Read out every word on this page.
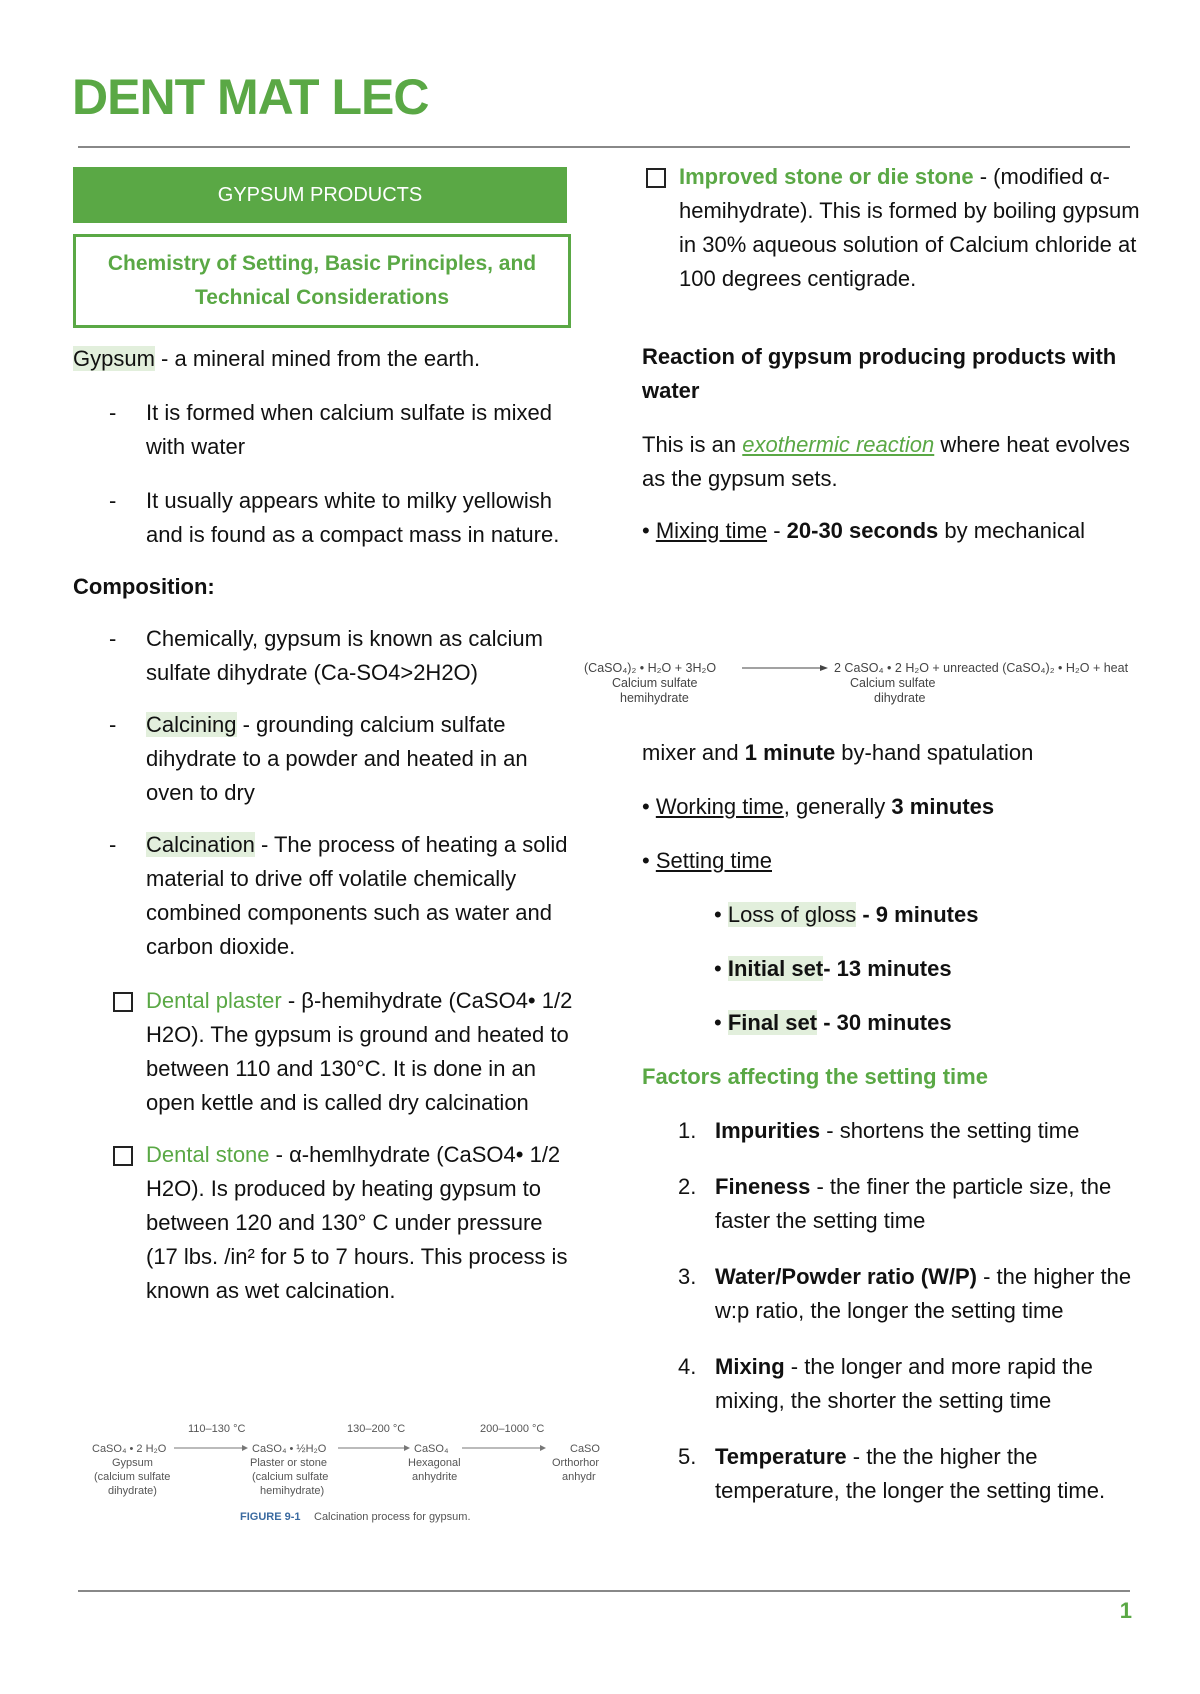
DENT MAT LEC
GYPSUM PRODUCTS
Chemistry of Setting, Basic Principles, and
Technical Considerations

Gypsum - a mineral mined from the earth.

- It is formed when calcium sulfate is mixed with water

- It usually appears white to milky yellowish and is found as a compact mass in nature.

Composition:

- Chemically, gypsum is known as calcium sulfate dihydrate (Ca-SO4>2H2O)

- Calcining - grounding calcium sulfate dihydrate to a powder and heated in an oven to dry

- Calcination - The process of heating a solid material to drive off volatile chemically combined components such as water and carbon dioxide.

Dental plaster - β-hemihydrate (CaSO4• 1/2 H2O). The gypsum is ground and heated to between 110 and 130°C. It is done in an open kettle and is called dry calcination

Dental stone - α-hemlhydrate (CaSO4• 1/2 H2O). Is produced by heating gypsum to between 120 and 130° C under pressure (17 lbs. /in² for 5 to 7 hours. This process is known as wet calcination.

110–130 °C	130–200 °C	200–1000 °C
CaSO₄ • 2 H₂O
Gypsum
(calcium sulfate
dihydrate)
CaSO₄ • ½H₂O
Plaster or stone
(calcium sulfate
hemihydrate)
CaSO₄
Hexagonal
anhydrite
CaSO
Orthorhor
anhydr
FIGURE 9-1 Calcination process for gypsum.

Improved stone or die stone - (modified α-hemihydrate). This is formed by boiling gypsum in 30% aqueous solution of Calcium chloride at 100 degrees centigrade.

Reaction of gypsum producing products with water

This is an exothermic reaction where heat evolves as the gypsum sets.

• Mixing time - 20-30 seconds by mechanical

(CaSO₄)₂ • H₂O + 3H₂O
Calcium sulfate
hemihydrate
2 CaSO₄ • 2 H₂O + unreacted (CaSO₄)₂ • H₂O + heat
Calcium sulfate
dihydrate

mixer and 1 minute by-hand spatulation

• Working time, generally 3 minutes

• Setting time

• Loss of gloss - 9 minutes

• Initial set- 13 minutes

• Final set - 30 minutes

Factors affecting the setting time

1. Impurities - shortens the setting time

2. Fineness - the finer the particle size, the faster the setting time

3. Water/Powder ratio (W/P) - the higher the w:p ratio, the longer the setting time

4. Mixing - the longer and more rapid the mixing, the shorter the setting time

5. Temperature - the the higher the temperature, the longer the setting time.

1
